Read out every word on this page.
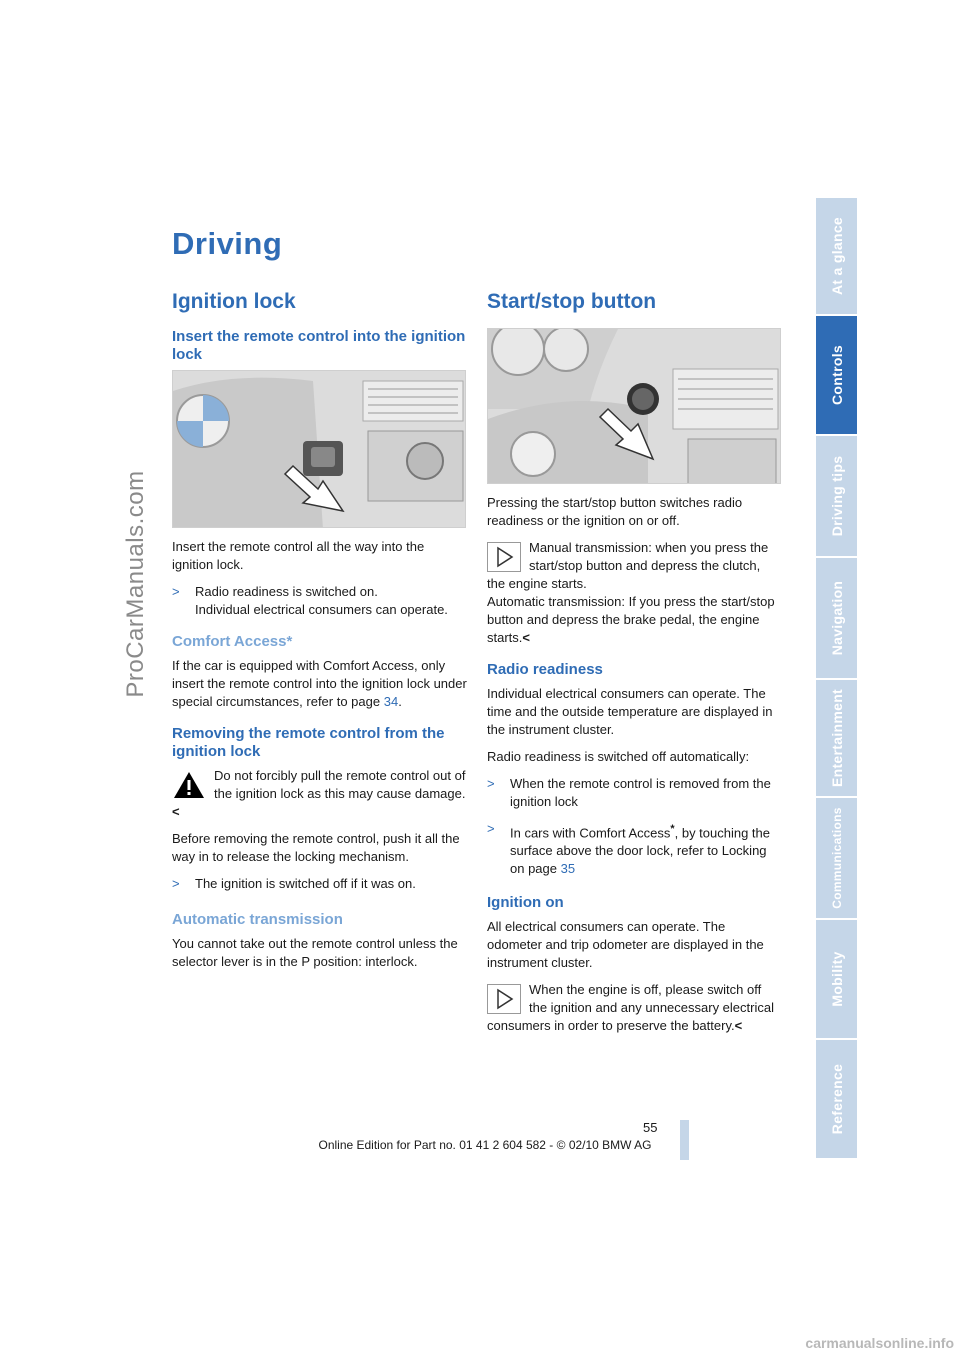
ProCarManuals.com
At a glance
Controls
Driving tips
Navigation
Entertainment
Communications
Mobility
Reference
Driving
Ignition lock
Insert the remote control into the ignition lock

Insert the remote control all the way into the ignition lock.

> Radio readiness is switched on.
Individual electrical consumers can operate.
Comfort Access*

If the car is equipped with Comfort Access, only insert the remote control into the ignition lock under special circumstances, refer to page 34.

Removing the remote control from the ignition lock
Do not forcibly pull the remote control out of the ignition lock as this may cause damage.<

Before removing the remote control, push it all the way in to release the locking mechanism.

> The ignition is switched off if it was on.
Automatic transmission

You cannot take out the remote control unless the selector lever is in the P position: interlock.

Start/stop button

Pressing the start/stop button switches radio readiness or the ignition on or off.

Manual transmission: when you press the start/stop button and depress the clutch, the engine starts.
Automatic transmission: If you press the start/stop button and depress the brake pedal, the engine starts.<
Radio readiness

Individual electrical consumers can operate. The time and the outside temperature are displayed in the instrument cluster.

Radio readiness is switched off automatically:

> When the remote control is removed from the ignition lock
> In cars with Comfort Access*, by touching the surface above the door lock, refer to Locking on page 35
Ignition on

All electrical consumers can operate. The odometer and trip odometer are displayed in the instrument cluster.

When the engine is off, please switch off the ignition and any unnecessary electrical consumers in order to preserve the battery.<
55
Online Edition for Part no. 01 41 2 604 582 - © 02/10 BMW AG
carmanualsonline.info
